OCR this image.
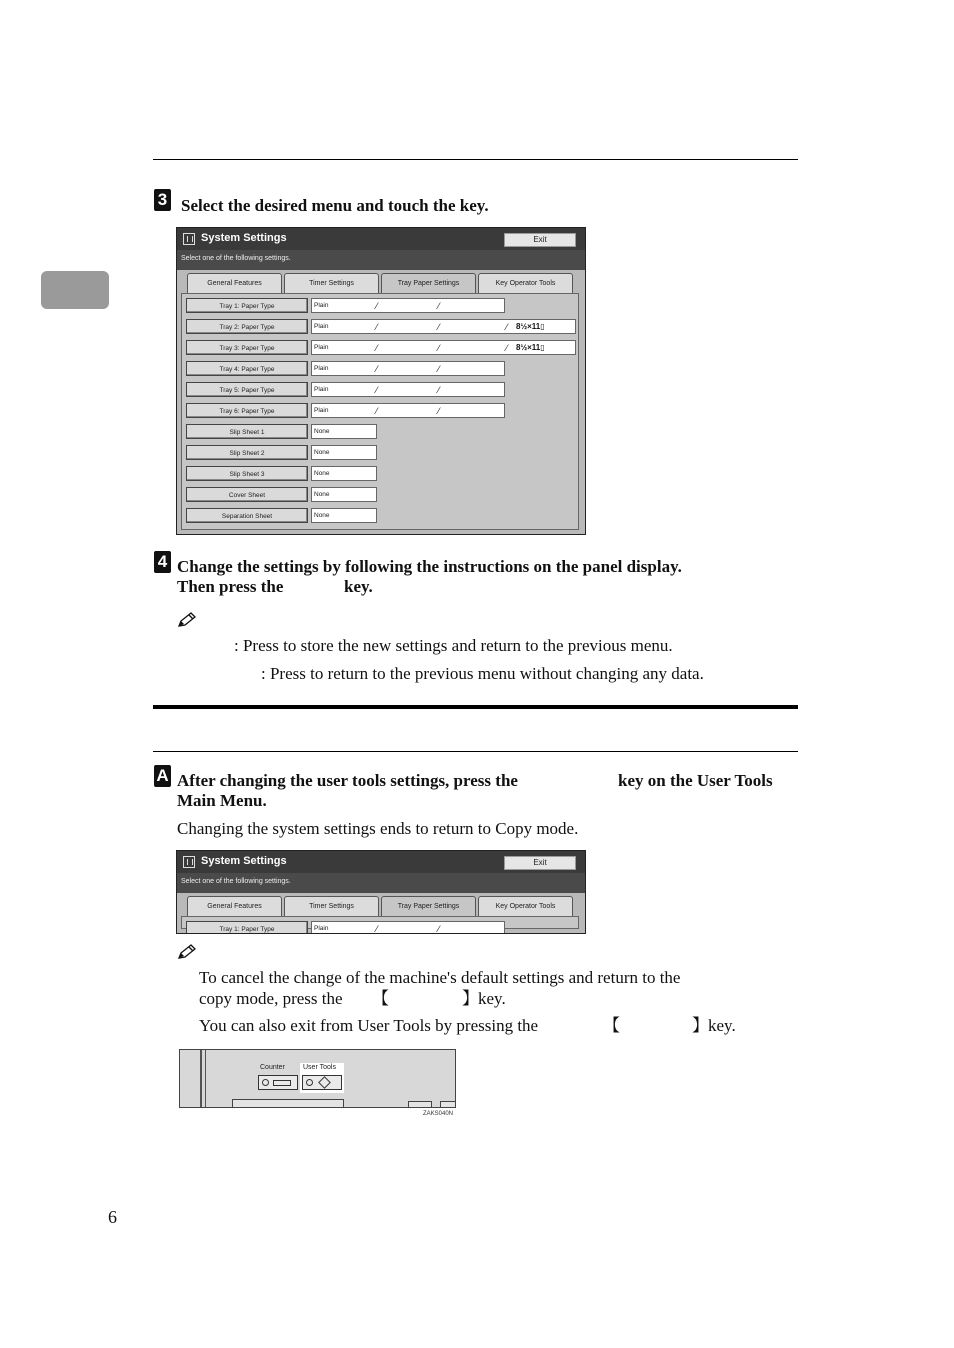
3 Select the desired menu and touch the key.
System Settings	Exit
Select one of the following settings.
General Features	Timer Settings	Tray Paper Settings	Key Operator Tools
Tray 1: Paper Type	Plain	⁄	⁄
Tray 2: Paper Type	Plain	⁄	⁄	⁄ 8½×11▯
Tray 3: Paper Type	Plain	⁄	⁄	⁄ 8½×11▯
Tray 4: Paper Type	Plain	⁄	⁄
Tray 5: Paper Type	Plain	⁄	⁄
Tray 6: Paper Type	Plain	⁄	⁄
Slip Sheet 1	None
Slip Sheet 2	None
Slip Sheet 3	None
Cover Sheet	None
Separation Sheet	None
4 Change the settings by following the instructions on the panel display.
Then press the	key.
: Press to store the new settings and return to the previous menu.
: Press to return to the previous menu without changing any data.
A After changing the user tools settings, press the	key on the User Tools
Main Menu.
Changing the system settings ends to return to Copy mode.
System Settings	Exit
Select one of the following settings.
General Features	Timer Settings	Tray Paper Settings	Key Operator Tools
Tray 1: Paper Type	Plain	⁄	⁄
To cancel the change of the machine's default settings and return to the
copy mode, press the 【	】 key.
You can also exit from User Tools by pressing the	【	】 key.
Counter	User Tools
ZAKS040N
6
